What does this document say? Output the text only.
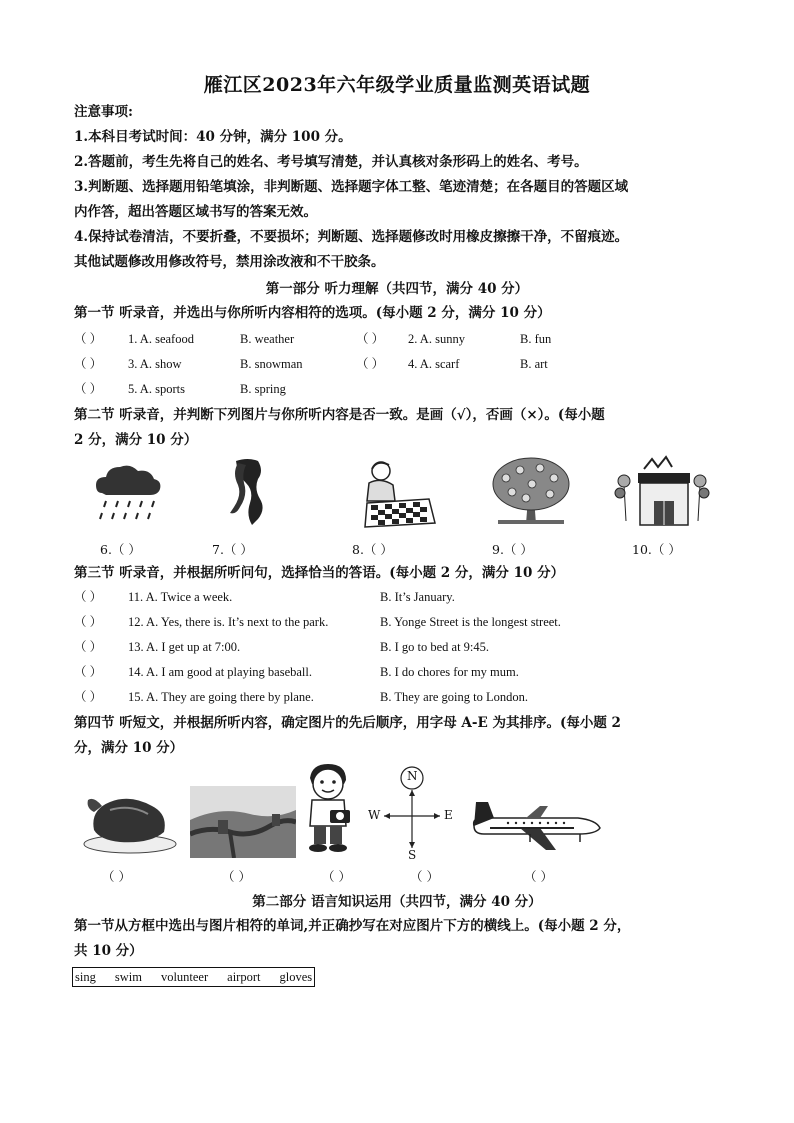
雁江区2023年六年级学业质量监测英语试题
注意事项:
1.本科目考试时间：40 分钟，满分 100 分。
2.答题前，考生先将自己的姓名、考号填写清楚，并认真核对条形码上的姓名、考号。
3.判断题、选择题用铅笔填涂，非判断题、选择题字体工整、笔迹清楚；在各题目的答题区域
内作答，超出答题区域书写的答案无效。
4.保持试卷清洁，不要折叠，不要损坏；判断题、选择题修改时用橡皮擦擦干净，不留痕迹。
其他试题修改用修改符号，禁用涂改液和不干胶条。
第一部分 听力理解（共四节，满分 40 分）
第一节 听录音，并选出与你所听内容相符的选项。(每小题 2 分，满分 10 分）
（ ） 1. A. seafood	B. weather	（ ） 2. A. sunny	B. fun
（ ） 3. A. show	B. snowman	（ ） 4. A. scarf	B. art
（ ） 5. A. sports	B. spring
第二节 听录音，并判断下列图片与你所听内容是否一致。是画（√），否画（×）。(每小题
2 分，满分 10 分）
6.（ ）	7.（ ）	8.（ ）	9.（ ）	10.（ ）
第三节 听录音，并根据所听问句，选择恰当的答语。(每小题 2 分，满分 10 分）
（ ） 11. A. Twice a week.	B. It’s January.
（ ） 12. A. Yes, there is. It’s next to the park.	B. Yonge Street is the longest street.
（ ） 13. A. I get up at 7:00.	B. I go to bed at 9:45.
（ ） 14. A. I am good at playing baseball.	B. I do chores for my mum.
（ ） 15. A. They are going there by plane.	B. They are going to London.
第四节 听短文，并根据所听内容，确定图片的先后顺序，用字母 A-E 为其排序。(每小题 2
分，满分 10 分）
N
S
E
W
（ ）	（ ）	（ ）	（ ）	（ ）
第二部分 语言知识运用（共四节，满分 40 分）
第一节从方框中选出与图片相符的单词,并正确抄写在对应图片下方的横线上。(每小题 2 分，
共 10 分）
sing swim volunteer airport gloves
